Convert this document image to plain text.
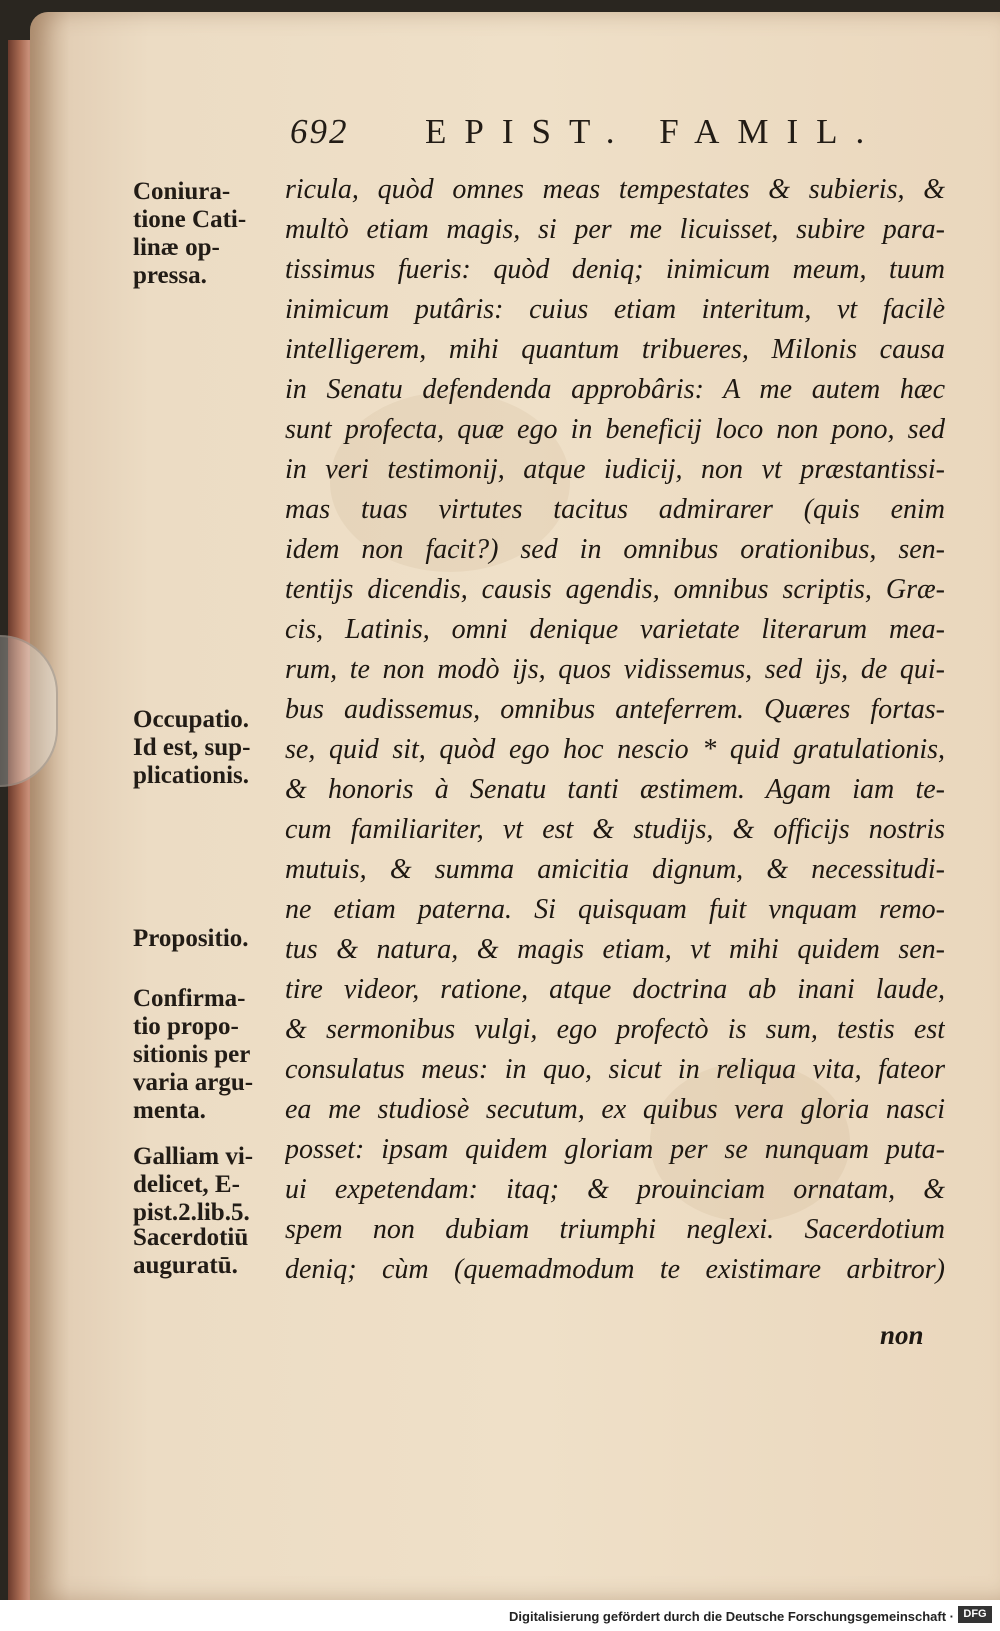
692 EPIST. FAMIL.
Coniura-
tione Cati-
linæ op-
pressa.
Occupatio.
Id est, sup-
plicationis.
Propositio.
Confirma-
tio propo-
sitionis per
varia argu-
menta.
Galliam vi-
delicet, E-
pist.2.lib.5.
Sacerdotiū
auguratū.
ricula, quòd omnes meas tempestates & subieris, &
multò etiam magis, si per me licuisset, subire para-
tissimus fueris: quòd deniq; inimicum meum, tuum
inimicum putâris: cuius etiam interitum, vt facilè
intelligerem, mihi quantum tribueres, Milonis causa
in Senatu defendenda approbâris: A me autem hæc
sunt profecta, quæ ego in beneficij loco non pono, sed
in veri testimonij, atque iudicij, non vt præstantissi-
mas tuas virtutes tacitus admirarer (quis enim
idem non facit?) sed in omnibus orationibus, sen-
tentijs dicendis, causis agendis, omnibus scriptis, Græ-
cis, Latinis, omni denique varietate literarum mea-
rum, te non modò ijs, quos vidissemus, sed ijs, de qui-
bus audissemus, omnibus anteferrem. Quæres fortas-
se, quid sit, quòd ego hoc nescio * quid gratulationis,
& honoris à Senatu tanti æstimem. Agam iam te-
cum familiariter, vt est & studijs, & officijs nostris
mutuis, & summa amicitia dignum, & necessitudi-
ne etiam paterna. Si quisquam fuit vnquam remo-
tus & natura, & magis etiam, vt mihi quidem sen-
tire videor, ratione, atque doctrina ab inani laude,
& sermonibus vulgi, ego profectò is sum, testis est
consulatus meus: in quo, sicut in reliqua vita, fateor
ea me studiosè secutum, ex quibus vera gloria nasci
posset: ipsam quidem gloriam per se nunquam puta-
ui expetendam: itaq; & prouinciam ornatam, &
spem non dubiam triumphi neglexi. Sacerdotium
deniq; cùm (quemadmodum te existimare arbitror)
non
Digitalisierung gefördert durch die Deutsche Forschungsgemeinschaft · DFG
